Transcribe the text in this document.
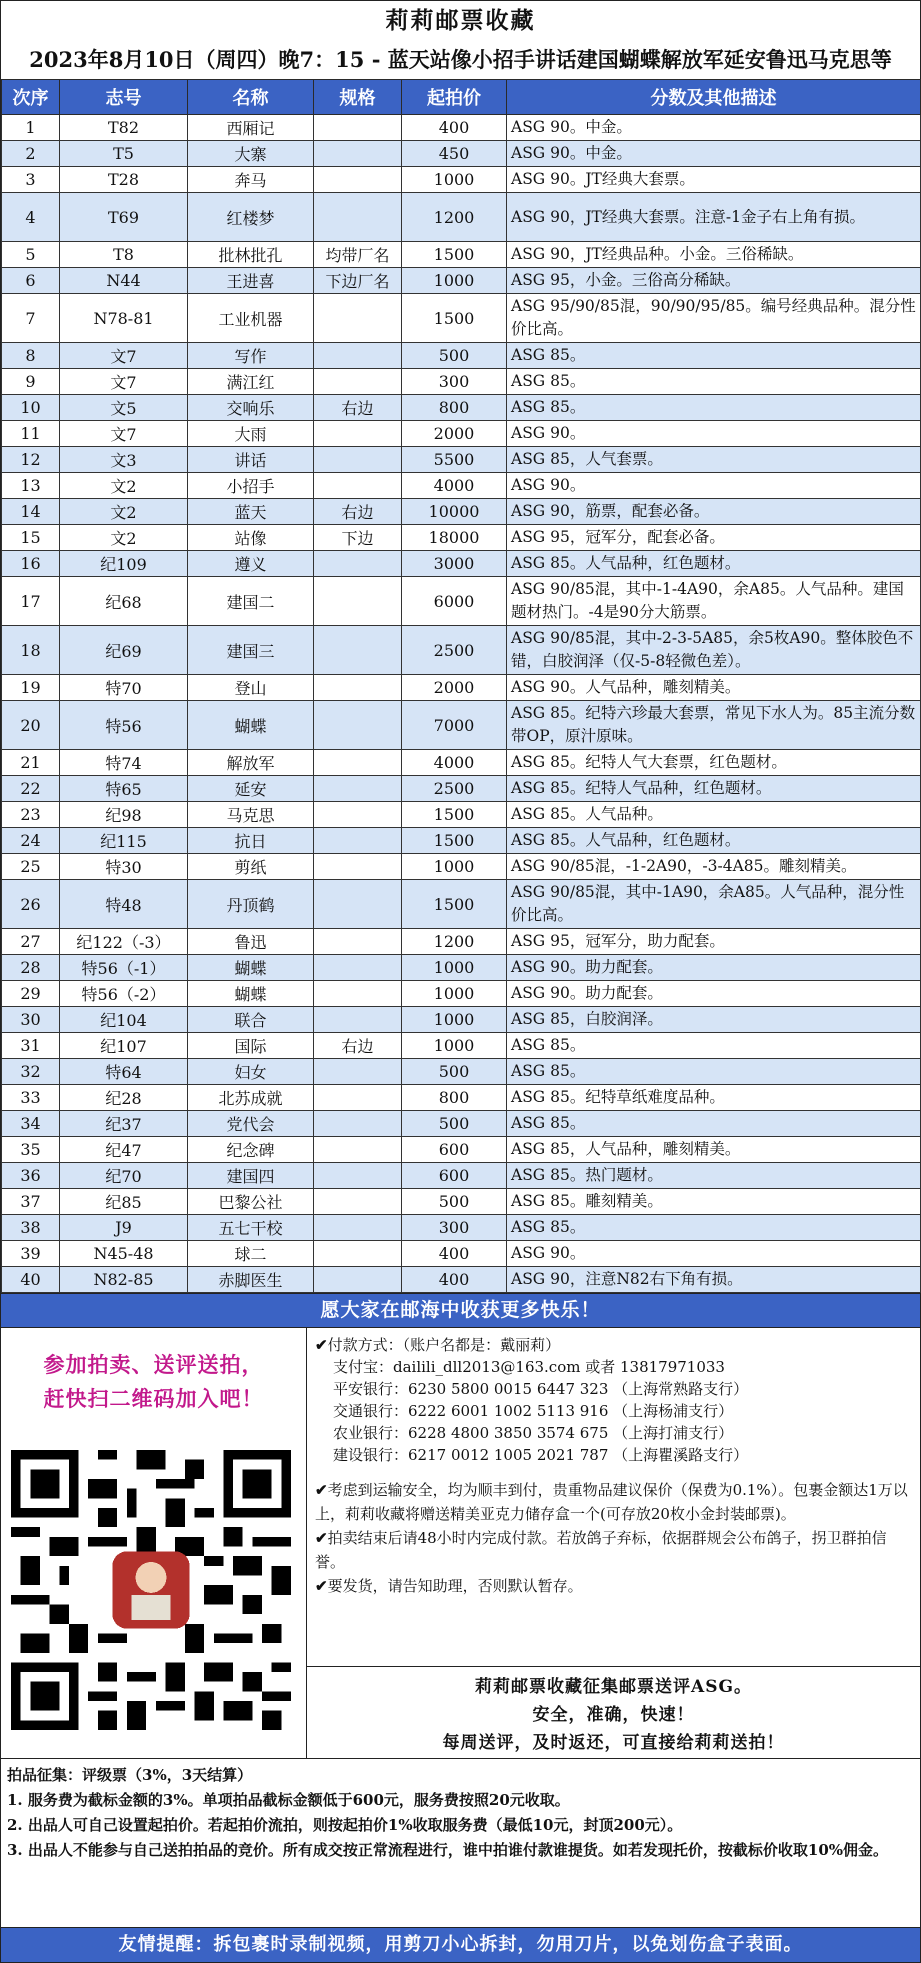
莉莉邮票收藏
2023年8月10日（周四）晚7：15 - 蓝天站像小招手讲话建国蝴蝶解放军延安鲁迅马克思等
次序	志号	名称	规格	起拍价	分数及其他描述
1	T82	西厢记		400	ASG 90。中金。
2	T5	大寨		450	ASG 90。中金。
3	T28	奔马		1000	ASG 90。JT经典大套票。
4	T69	红楼梦		1200	ASG 90，JT经典大套票。注意-1金子右上角有损。
5	T8	批林批孔	均带厂名	1500	ASG 90，JT经典品种。小金。三俗稀缺。
6	N44	王进喜	下边厂名	1000	ASG 95，小金。三俗高分稀缺。
7	N78-81	工业机器		1500	ASG 95/90/85混，90/90/95/85。编号经典品种。混分性价比高。
8	文7	写作		500	ASG 85。
9	文7	满江红		300	ASG 85。
10	文5	交响乐	右边	800	ASG 85。
11	文7	大雨		2000	ASG 90。
12	文3	讲话		5500	ASG 85，人气套票。
13	文2	小招手		4000	ASG 90。
14	文2	蓝天	右边	10000	ASG 90，筋票，配套必备。
15	文2	站像	下边	18000	ASG 95，冠军分，配套必备。
16	纪109	遵义		3000	ASG 85。人气品种，红色题材。
17	纪68	建国二		6000	ASG 90/85混，其中-1-4A90，余A85。人气品种。建国题材热门。-4是90分大筋票。
18	纪69	建国三		2500	ASG 90/85混，其中-2-3-5A85，余5枚A90。整体胶色不错，白胶润泽（仅-5-8轻微色差）。
19	特70	登山		2000	ASG 90。人气品种，雕刻精美。
20	特56	蝴蝶		7000	ASG 85。纪特六珍最大套票，常见下水人为。85主流分数带OP，原汁原味。
21	特74	解放军		4000	ASG 85。纪特人气大套票，红色题材。
22	特65	延安		2500	ASG 85。纪特人气品种，红色题材。
23	纪98	马克思		1500	ASG 85。人气品种。
24	纪115	抗日		1500	ASG 85。人气品种，红色题材。
25	特30	剪纸		1000	ASG 90/85混，-1-2A90，-3-4A85。雕刻精美。
26	特48	丹顶鹤		1500	ASG 90/85混，其中-1A90，余A85。人气品种，混分性价比高。
27	纪122（-3）	鲁迅		1200	ASG 95，冠军分，助力配套。
28	特56（-1）	蝴蝶		1000	ASG 90。助力配套。
29	特56（-2）	蝴蝶		1000	ASG 90。助力配套。
30	纪104	联合		1000	ASG 85，白胶润泽。
31	纪107	国际	右边	1000	ASG 85。
32	特64	妇女		500	ASG 85。
33	纪28	北苏成就		800	ASG 85。纪特草纸难度品种。
34	纪37	党代会		500	ASG 85。
35	纪47	纪念碑		600	ASG 85，人气品种，雕刻精美。
36	纪70	建国四		600	ASG 85。热门题材。
37	纪85	巴黎公社		500	ASG 85。雕刻精美。
38	J9	五七干校		300	ASG 85。
39	N45-48	球二		400	ASG 90。
40	N82-85	赤脚医生		400	ASG 90，注意N82右下角有损。
愿大家在邮海中收获更多快乐！
参加拍卖、送评送拍，
赶快扫二维码加入吧！
✔付款方式：（账户名都是：戴丽莉）
支付宝：dailili_dll2013@163.com 或者 13817971033
平安银行：6230 5800 0015 6447 323 （上海常熟路支行）
交通银行：6222 6001 1002 5113 916 （上海杨浦支行）
农业银行：6228 4800 3850 3574 675 （上海打浦支行）
建设银行：6217 0012 1005 2021 787 （上海瞿溪路支行）
✔考虑到运输安全，均为顺丰到付，贵重物品建议保价（保费为0.1%）。包裹金额达1万以上，莉莉收藏将赠送精美亚克力储存盒一个(可存放20枚小金封装邮票)。
✔拍卖结束后请48小时内完成付款。若放鸽子弃标，依据群规会公布鸽子，拐卫群拍信誉。
✔要发货，请告知助理，否则默认暂存。
莉莉邮票收藏征集邮票送评ASG。
安全，准确，快速！
每周送评，及时返还，可直接给莉莉送拍！
拍品征集：评级票（3%，3天结算）
1. 服务费为截标金额的3%。单项拍品截标金额低于600元，服务费按照20元收取。
2. 出品人可自己设置起拍价。若起拍价流拍，则按起拍价1%收取服务费（最低10元，封顶200元）。
3. 出品人不能参与自己送拍拍品的竞价。所有成交按正常流程进行，谁中拍谁付款谁提货。如若发现托价，按截标价收取10%佣金。
友情提醒：拆包裹时录制视频，用剪刀小心拆封，勿用刀片，以免划伤盒子表面。
